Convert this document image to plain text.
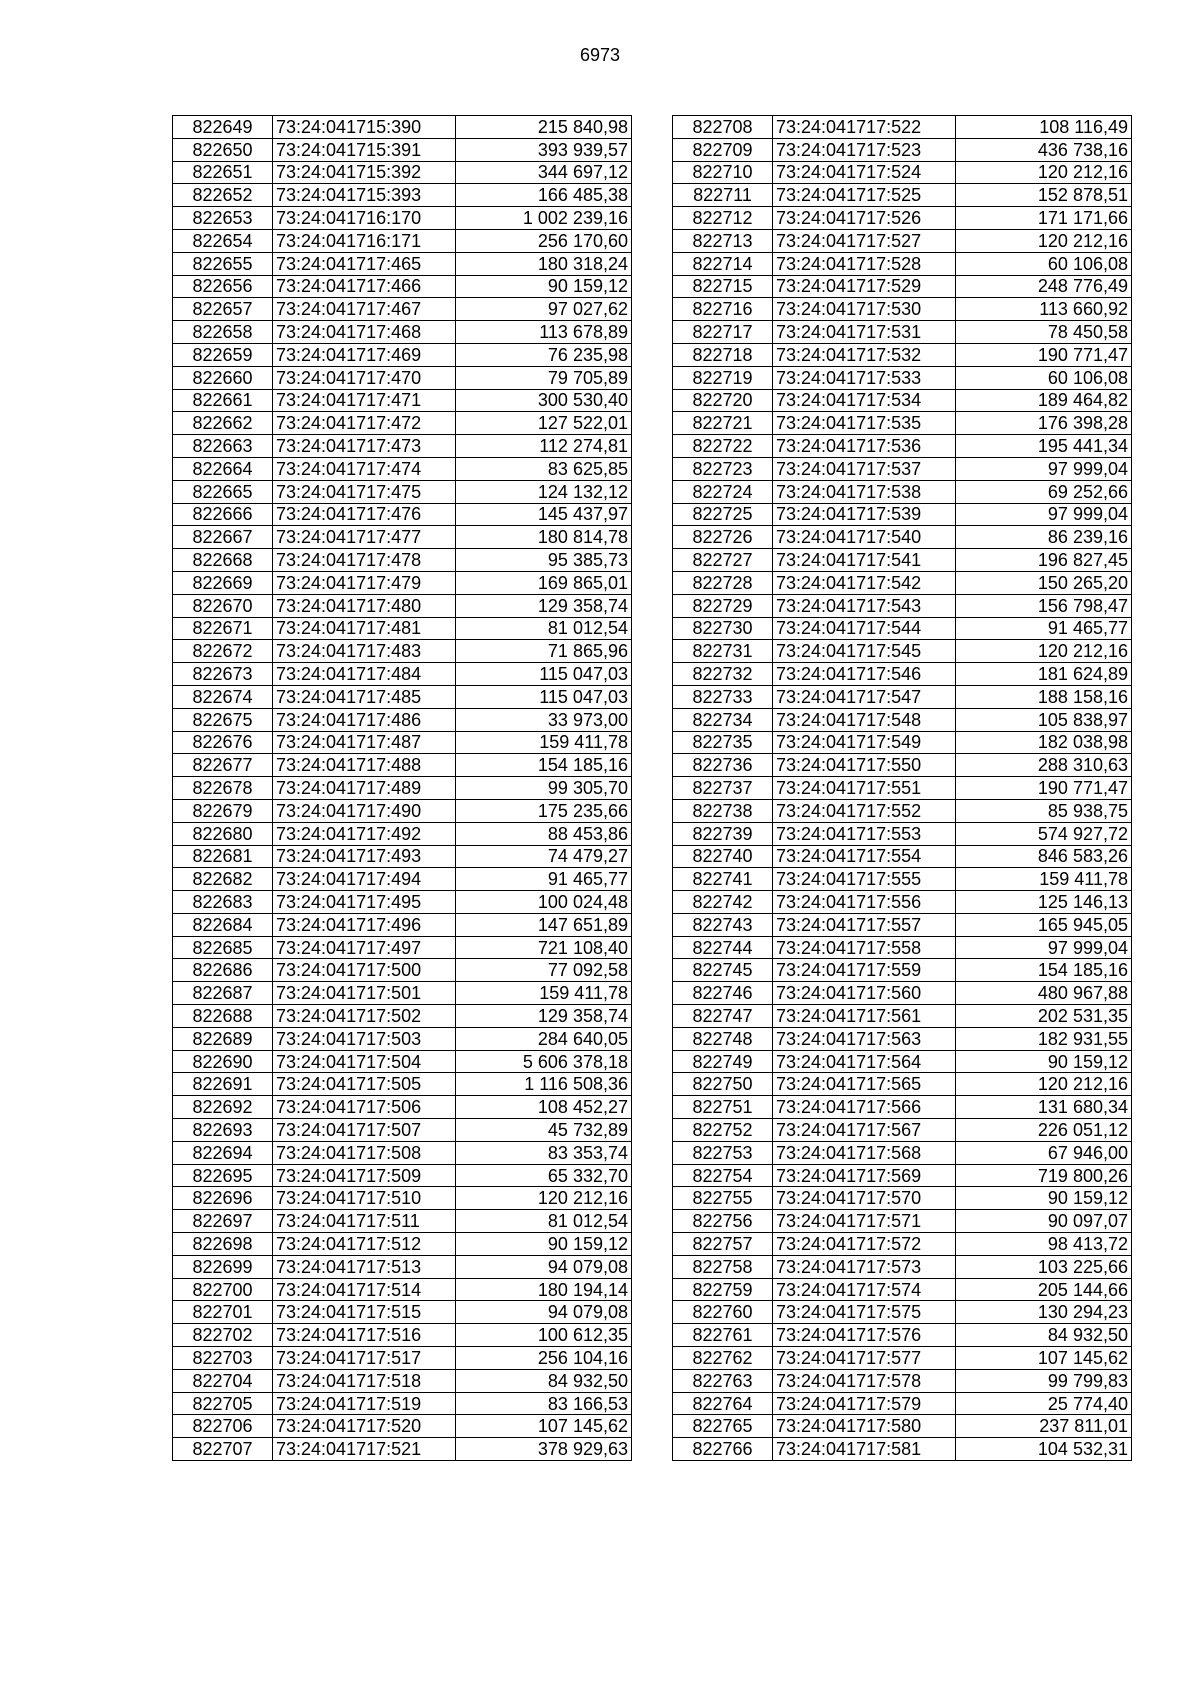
6973
822649	73:24:041715:390	215 840,98
822650	73:24:041715:391	393 939,57
822651	73:24:041715:392	344 697,12
822652	73:24:041715:393	166 485,38
822653	73:24:041716:170	1 002 239,16
822654	73:24:041716:171	256 170,60
822655	73:24:041717:465	180 318,24
822656	73:24:041717:466	90 159,12
822657	73:24:041717:467	97 027,62
822658	73:24:041717:468	113 678,89
822659	73:24:041717:469	76 235,98
822660	73:24:041717:470	79 705,89
822661	73:24:041717:471	300 530,40
822662	73:24:041717:472	127 522,01
822663	73:24:041717:473	112 274,81
822664	73:24:041717:474	83 625,85
822665	73:24:041717:475	124 132,12
822666	73:24:041717:476	145 437,97
822667	73:24:041717:477	180 814,78
822668	73:24:041717:478	95 385,73
822669	73:24:041717:479	169 865,01
822670	73:24:041717:480	129 358,74
822671	73:24:041717:481	81 012,54
822672	73:24:041717:483	71 865,96
822673	73:24:041717:484	115 047,03
822674	73:24:041717:485	115 047,03
822675	73:24:041717:486	33 973,00
822676	73:24:041717:487	159 411,78
822677	73:24:041717:488	154 185,16
822678	73:24:041717:489	99 305,70
822679	73:24:041717:490	175 235,66
822680	73:24:041717:492	88 453,86
822681	73:24:041717:493	74 479,27
822682	73:24:041717:494	91 465,77
822683	73:24:041717:495	100 024,48
822684	73:24:041717:496	147 651,89
822685	73:24:041717:497	721 108,40
822686	73:24:041717:500	77 092,58
822687	73:24:041717:501	159 411,78
822688	73:24:041717:502	129 358,74
822689	73:24:041717:503	284 640,05
822690	73:24:041717:504	5 606 378,18
822691	73:24:041717:505	1 116 508,36
822692	73:24:041717:506	108 452,27
822693	73:24:041717:507	45 732,89
822694	73:24:041717:508	83 353,74
822695	73:24:041717:509	65 332,70
822696	73:24:041717:510	120 212,16
822697	73:24:041717:511	81 012,54
822698	73:24:041717:512	90 159,12
822699	73:24:041717:513	94 079,08
822700	73:24:041717:514	180 194,14
822701	73:24:041717:515	94 079,08
822702	73:24:041717:516	100 612,35
822703	73:24:041717:517	256 104,16
822704	73:24:041717:518	84 932,50
822705	73:24:041717:519	83 166,53
822706	73:24:041717:520	107 145,62
822707	73:24:041717:521	378 929,63
822708	73:24:041717:522	108 116,49
822709	73:24:041717:523	436 738,16
822710	73:24:041717:524	120 212,16
822711	73:24:041717:525	152 878,51
822712	73:24:041717:526	171 171,66
822713	73:24:041717:527	120 212,16
822714	73:24:041717:528	60 106,08
822715	73:24:041717:529	248 776,49
822716	73:24:041717:530	113 660,92
822717	73:24:041717:531	78 450,58
822718	73:24:041717:532	190 771,47
822719	73:24:041717:533	60 106,08
822720	73:24:041717:534	189 464,82
822721	73:24:041717:535	176 398,28
822722	73:24:041717:536	195 441,34
822723	73:24:041717:537	97 999,04
822724	73:24:041717:538	69 252,66
822725	73:24:041717:539	97 999,04
822726	73:24:041717:540	86 239,16
822727	73:24:041717:541	196 827,45
822728	73:24:041717:542	150 265,20
822729	73:24:041717:543	156 798,47
822730	73:24:041717:544	91 465,77
822731	73:24:041717:545	120 212,16
822732	73:24:041717:546	181 624,89
822733	73:24:041717:547	188 158,16
822734	73:24:041717:548	105 838,97
822735	73:24:041717:549	182 038,98
822736	73:24:041717:550	288 310,63
822737	73:24:041717:551	190 771,47
822738	73:24:041717:552	85 938,75
822739	73:24:041717:553	574 927,72
822740	73:24:041717:554	846 583,26
822741	73:24:041717:555	159 411,78
822742	73:24:041717:556	125 146,13
822743	73:24:041717:557	165 945,05
822744	73:24:041717:558	97 999,04
822745	73:24:041717:559	154 185,16
822746	73:24:041717:560	480 967,88
822747	73:24:041717:561	202 531,35
822748	73:24:041717:563	182 931,55
822749	73:24:041717:564	90 159,12
822750	73:24:041717:565	120 212,16
822751	73:24:041717:566	131 680,34
822752	73:24:041717:567	226 051,12
822753	73:24:041717:568	67 946,00
822754	73:24:041717:569	719 800,26
822755	73:24:041717:570	90 159,12
822756	73:24:041717:571	90 097,07
822757	73:24:041717:572	98 413,72
822758	73:24:041717:573	103 225,66
822759	73:24:041717:574	205 144,66
822760	73:24:041717:575	130 294,23
822761	73:24:041717:576	84 932,50
822762	73:24:041717:577	107 145,62
822763	73:24:041717:578	99 799,83
822764	73:24:041717:579	25 774,40
822765	73:24:041717:580	237 811,01
822766	73:24:041717:581	104 532,31
